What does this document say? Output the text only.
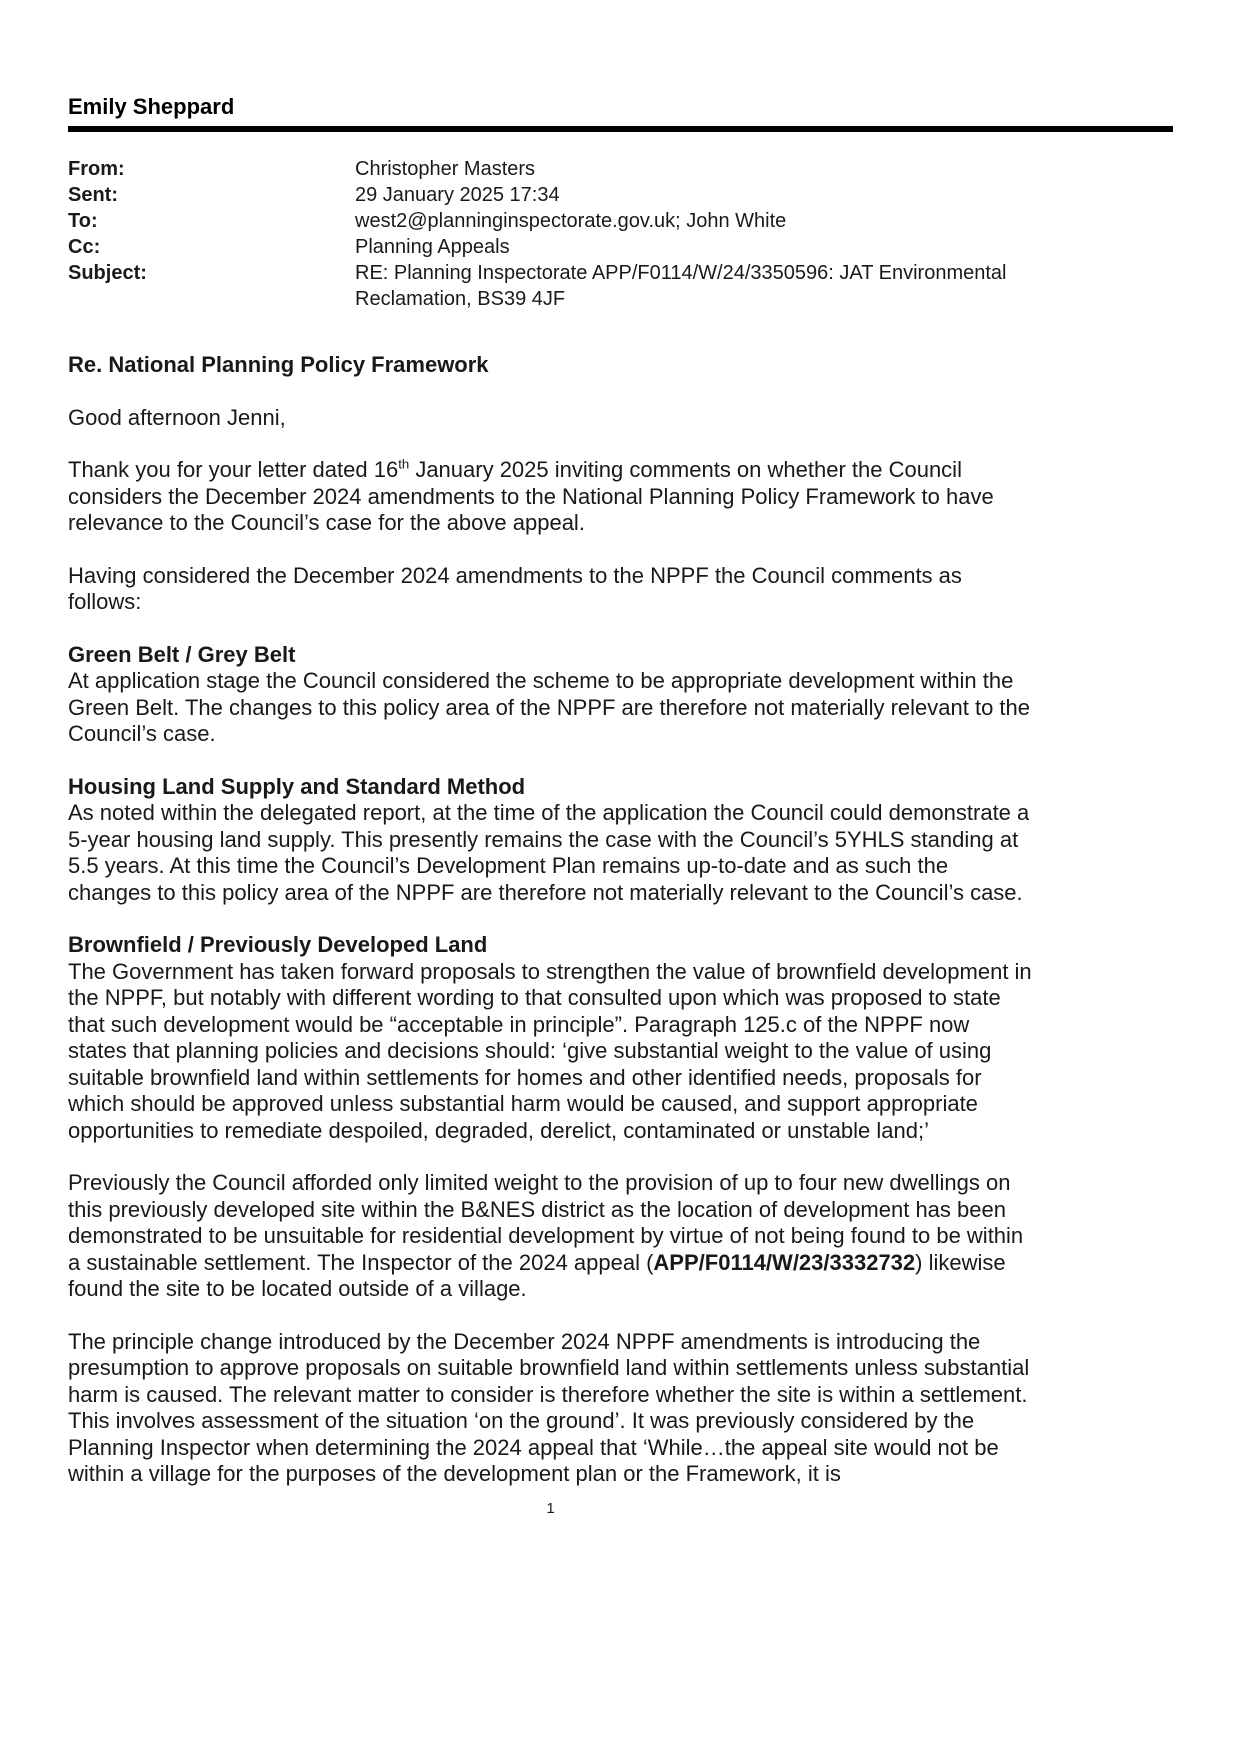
Emily Sheppard
From:	Christopher Masters
Sent:	29 January 2025 17:34
To:	west2@planninginspectorate.gov.uk; John White
Cc:	Planning Appeals
Subject:	RE: Planning Inspectorate APP/F0114/W/24/3350596: JAT Environmental Reclamation, BS39 4JF
Re. National Planning Policy Framework

Good afternoon Jenni,

Thank you for your letter dated 16th January 2025 inviting comments on whether the Council considers the December 2024 amendments to the National Planning Policy Framework to have relevance to the Council’s case for the above appeal.

Having considered the December 2024 amendments to the NPPF the Council comments as follows:

Green Belt / Grey Belt

At application stage the Council considered the scheme to be appropriate development within the Green Belt. The changes to this policy area of the NPPF are therefore not materially relevant to the Council’s case.

Housing Land Supply and Standard Method

As noted within the delegated report, at the time of the application the Council could demonstrate a 5-year housing land supply. This presently remains the case with the Council’s 5YHLS standing at 5.5 years. At this time the Council’s Development Plan remains up-to-date and as such the changes to this policy area of the NPPF are therefore not materially relevant to the Council’s case.

Brownfield / Previously Developed Land

The Government has taken forward proposals to strengthen the value of brownfield development in the NPPF, but notably with different wording to that consulted upon which was proposed to state that such development would be “acceptable in principle”. Paragraph 125.c of the NPPF now states that planning policies and decisions should: ‘give substantial weight to the value of using suitable brownfield land within settlements for homes and other identified needs, proposals for which should be approved unless substantial harm would be caused, and support appropriate opportunities to remediate despoiled, degraded, derelict, contaminated or unstable land;’

Previously the Council afforded only limited weight to the provision of up to four new dwellings on this previously developed site within the B&NES district as the location of development has been demonstrated to be unsuitable for residential development by virtue of not being found to be within a sustainable settlement. The Inspector of the 2024 appeal (APP/F0114/W/23/3332732) likewise found the site to be located outside of a village.

The principle change introduced by the December 2024 NPPF amendments is introducing the presumption to approve proposals on suitable brownfield land within settlements unless substantial harm is caused. The relevant matter to consider is therefore whether the site is within a settlement. This involves assessment of the situation ‘on the ground’. It was previously considered by the Planning Inspector when determining the 2024 appeal that ‘While…the appeal site would not be within a village for the purposes of the development plan or the Framework, it is

1
